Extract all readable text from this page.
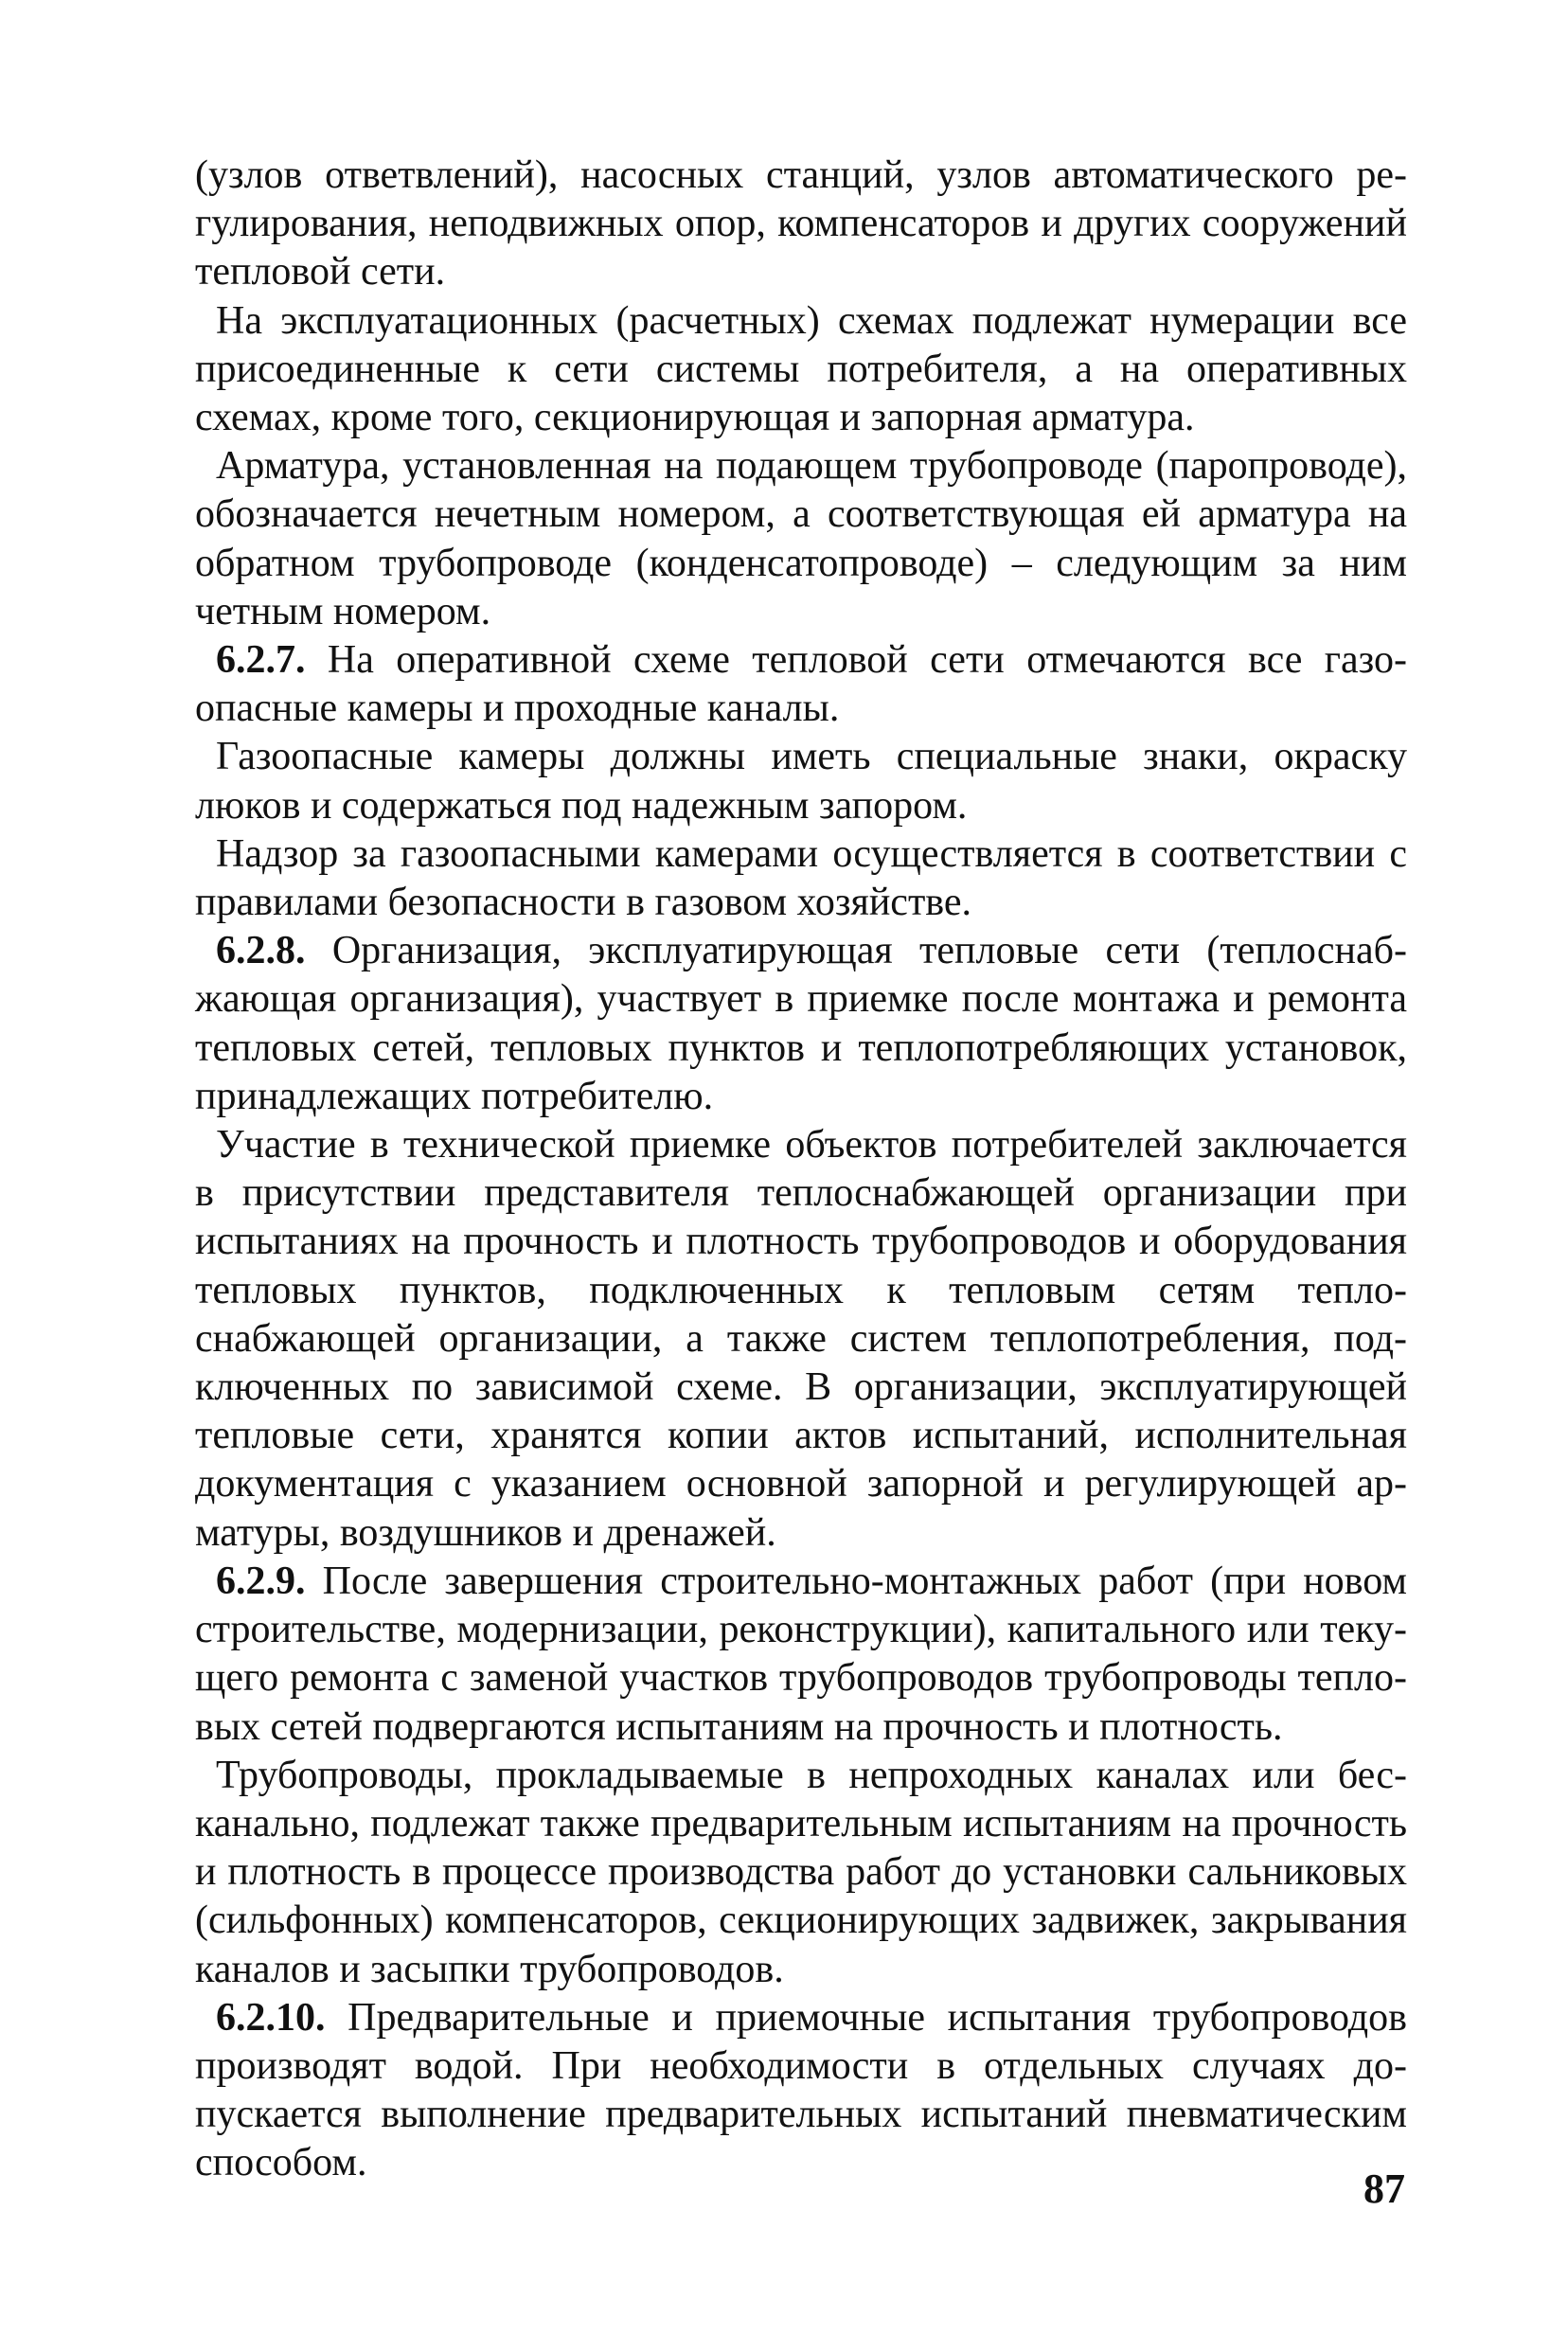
(узлов ответвлений), насосных станций, узлов автоматического регулирования, неподвижных опор, компенсаторов и других сооружений тепловой сети.

На эксплуатационных (расчетных) схемах подлежат нумерации все присоединенные к сети системы потребителя, а на оперативных схемах, кроме того, секционирующая и запорная арматура.

Арматура, установленная на подающем трубопроводе (паропроводе), обозначается нечетным номером, а соответствующая ей арматура на обратном трубопроводе (конденсатопроводе) – следующим за ним четным номером.

6.2.7. На оперативной схеме тепловой сети отмечаются все газоопасные камеры и проходные каналы.

Газоопасные камеры должны иметь специальные знаки, окраску люков и содержаться под надежным запором.

Надзор за газоопасными камерами осуществляется в соответствии с правилами безопасности в газовом хозяйстве.

6.2.8. Организация, эксплуатирующая тепловые сети (теплоснабжающая организация), участвует в приемке после монтажа и ремонта тепловых сетей, тепловых пунктов и теплопотребляющих установок, принадлежащих потребителю.

Участие в технической приемке объектов потребителей заключается в присутствии представителя теплоснабжающей организации при испытаниях на прочность и плотность трубопроводов и оборудования тепловых пунктов, подключенных к тепловым сетям теплоснабжающей организации, а также систем теплопотребления, подключенных по зависимой схеме. В организации, эксплуатирующей тепловые сети, хранятся копии актов испытаний, исполнительная документация с указанием основной запорной и регулирующей арматуры, воздушников и дренажей.

6.2.9. После завершения строительно-монтажных работ (при новом строительстве, модернизации, реконструкции), капитального или текущего ремонта с заменой участков трубопроводов трубопроводы тепловых сетей подвергаются испытаниям на прочность и плотность.

Трубопроводы, прокладываемые в непроходных каналах или бесканально, подлежат также предварительным испытаниям на прочность и плотность в процессе производства работ до установки сальниковых (сильфонных) компенсаторов, секционирующих задвижек, закрывания каналов и засыпки трубопроводов.

6.2.10. Предварительные и приемочные испытания трубопроводов производят водой. При необходимости в отдельных случаях допускается выполнение предварительных испытаний пневматическим способом.

87
